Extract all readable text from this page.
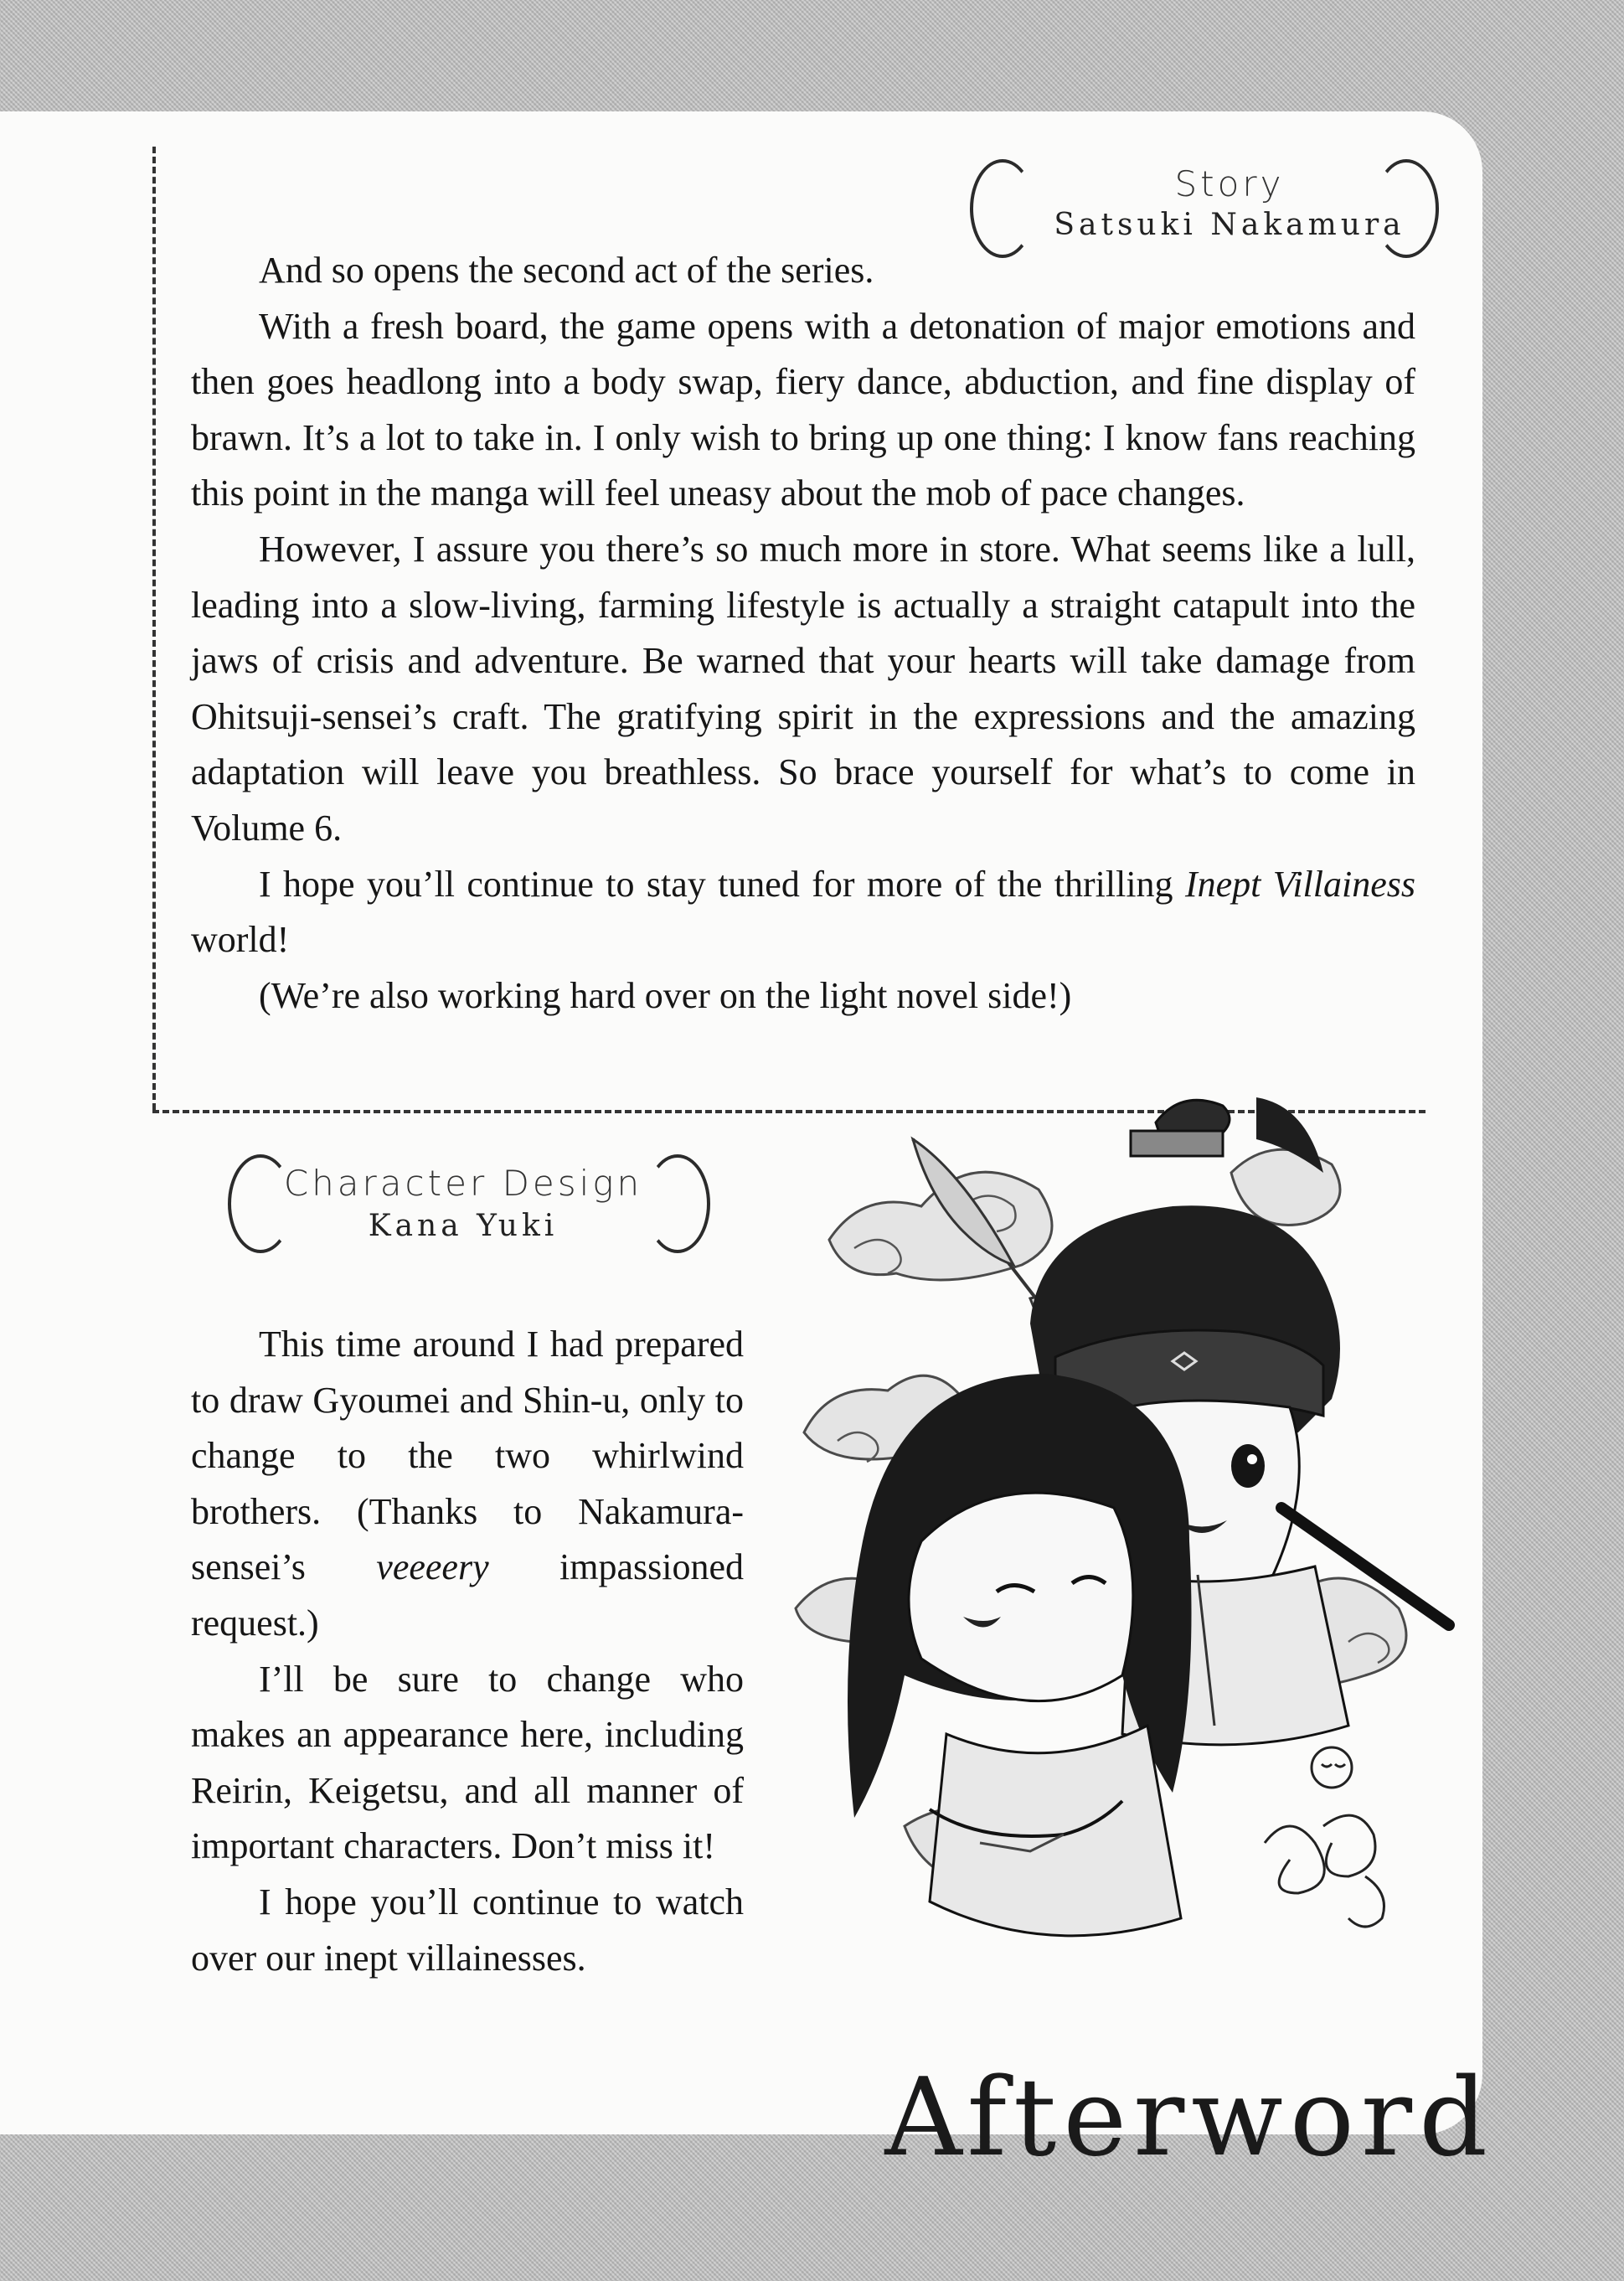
Story
Satsuki Nakamura

And so opens the second act of the series.

With a fresh board, the game opens with a detonation of major emotions and then goes headlong into a body swap, fiery dance, abduction, and fine display of brawn. It’s a lot to take in. I only wish to bring up one thing: I know fans reaching this point in the manga will feel uneasy about the mob of pace changes.

However, I assure you there’s so much more in store. What seems like a lull, leading into a slow-living, farming lifestyle is actually a straight catapult into the jaws of crisis and adventure. Be warned that your hearts will take damage from Ohitsuji-sensei’s craft. The gratifying spirit in the expressions and the amazing adaptation will leave you breathless. So brace yourself for what’s to come in Volume 6.

I hope you’ll continue to stay tuned for more of the thrilling Inept Villainess world!

(We’re also working hard over on the light novel side!)

Character Design
Kana Yuki

This time around I had prepared to draw Gyoumei and Shin-u, only to change to the two whirlwind brothers. (Thanks to Nakamura-sensei’s veeeery impassioned request.)

I’ll be sure to change who makes an appearance here, including Reirin, Keigetsu, and all manner of important characters. Don’t miss it!

I hope you’ll continue to watch over our inept villainesses.

Afterword
